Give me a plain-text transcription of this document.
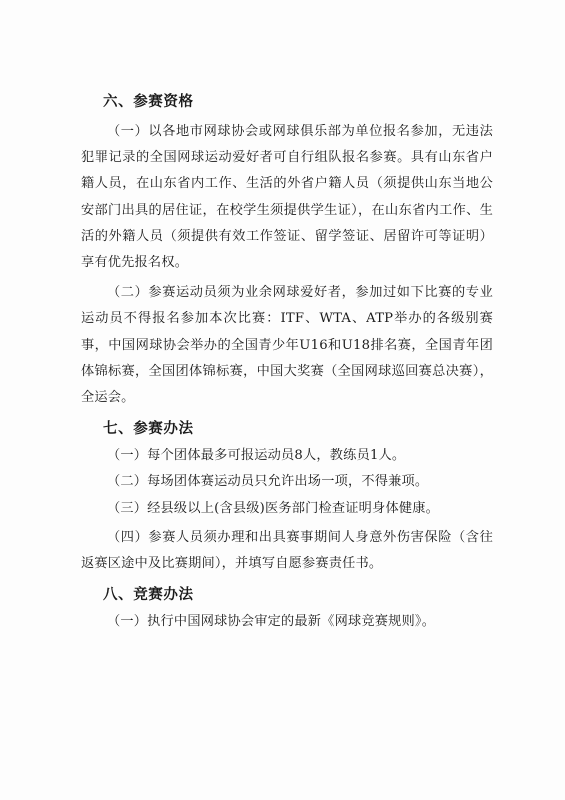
六、参赛资格

（一）以各地市网球协会或网球俱乐部为单位报名参加，无违法犯罪记录的全国网球运动爱好者可自行组队报名参赛。具有山东省户籍人员，在山东省内工作、生活的外省户籍人员（须提供山东当地公安部门出具的居住证，在校学生须提供学生证），在山东省内工作、生活的外籍人员（须提供有效工作签证、留学签证、居留许可等证明）享有优先报名权。

（二）参赛运动员须为业余网球爱好者，参加过如下比赛的专业运动员不得报名参加本次比赛：ITF、WTA、ATP举办的各级别赛事，中国网球协会举办的全国青少年U16和U18排名赛，全国青年团体锦标赛，全国团体锦标赛，中国大奖赛（全国网球巡回赛总决赛），全运会。

七、参赛办法
（一）每个团体最多可报运动员8人，教练员1人。
（二）每场团体赛运动员只允许出场一项，不得兼项。
（三）经县级以上(含县级)医务部门检查证明身体健康。

（四）参赛人员须办理和出具赛事期间人身意外伤害保险（含往返赛区途中及比赛期间），并填写自愿参赛责任书。

八、竞赛办法
（一）执行中国网球协会审定的最新《网球竞赛规则》。
